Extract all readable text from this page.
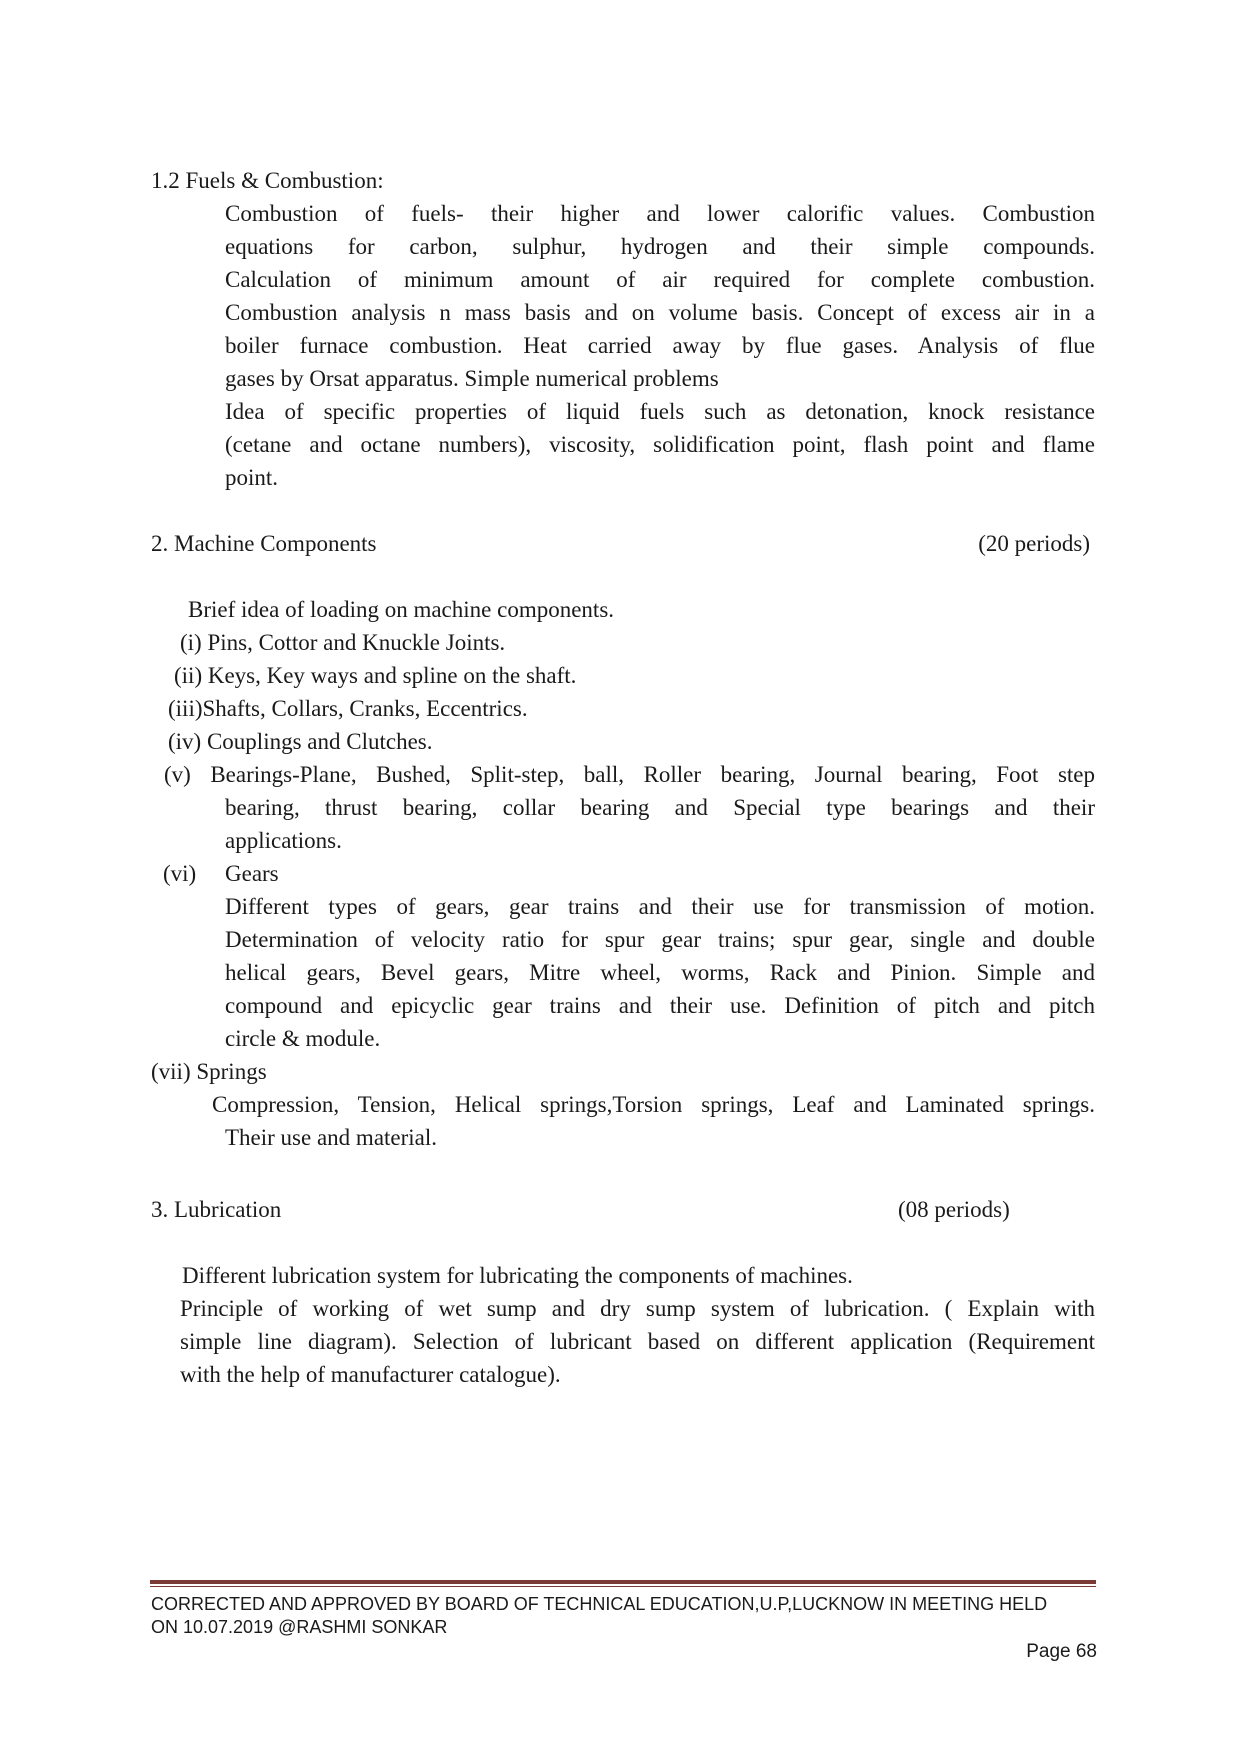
1.2 Fuels & Combustion:
Combustion of fuels- their higher and lower calorific values. Combustion
equations for carbon, sulphur, hydrogen and their simple compounds.
Calculation of minimum amount of air required for complete combustion.
Combustion analysis n mass basis and on volume basis. Concept of excess air in a
boiler furnace combustion. Heat carried away by flue gases. Analysis of flue
gases by Orsat apparatus. Simple numerical problems
Idea of specific properties of liquid fuels such as detonation, knock resistance
(cetane and octane numbers), viscosity, solidification point, flash point and flame
point.
2. Machine Components	(20 periods)
Brief idea of loading on machine components.
(i) Pins, Cottor and Knuckle Joints.
(ii) Keys, Key ways and spline on the shaft.
(iii)Shafts, Collars, Cranks, Eccentrics.
(iv) Couplings and Clutches.
(v) Bearings-Plane, Bushed, Split-step, ball, Roller bearing, Journal bearing, Foot step
bearing, thrust bearing, collar bearing and Special type bearings and their
applications.
(vi) Gears
Different types of gears, gear trains and their use for transmission of motion.
Determination of velocity ratio for spur gear trains; spur gear, single and double
helical gears, Bevel gears, Mitre wheel, worms, Rack and Pinion. Simple and
compound and epicyclic gear trains and their use. Definition of pitch and pitch
circle & module.
(vii) Springs
Compression, Tension, Helical springs,Torsion springs, Leaf and Laminated springs.
Their use and material.
3. Lubrication	(08 periods)
Different lubrication system for lubricating the components of machines.
Principle of working of wet sump and dry sump system of lubrication. ( Explain with
simple line diagram). Selection of lubricant based on different application (Requirement
with the help of manufacturer catalogue).
CORRECTED AND APPROVED BY BOARD OF TECHNICAL EDUCATION,U.P,LUCKNOW IN MEETING HELD
ON 10.07.2019 @RASHMI SONKAR
Page 68
